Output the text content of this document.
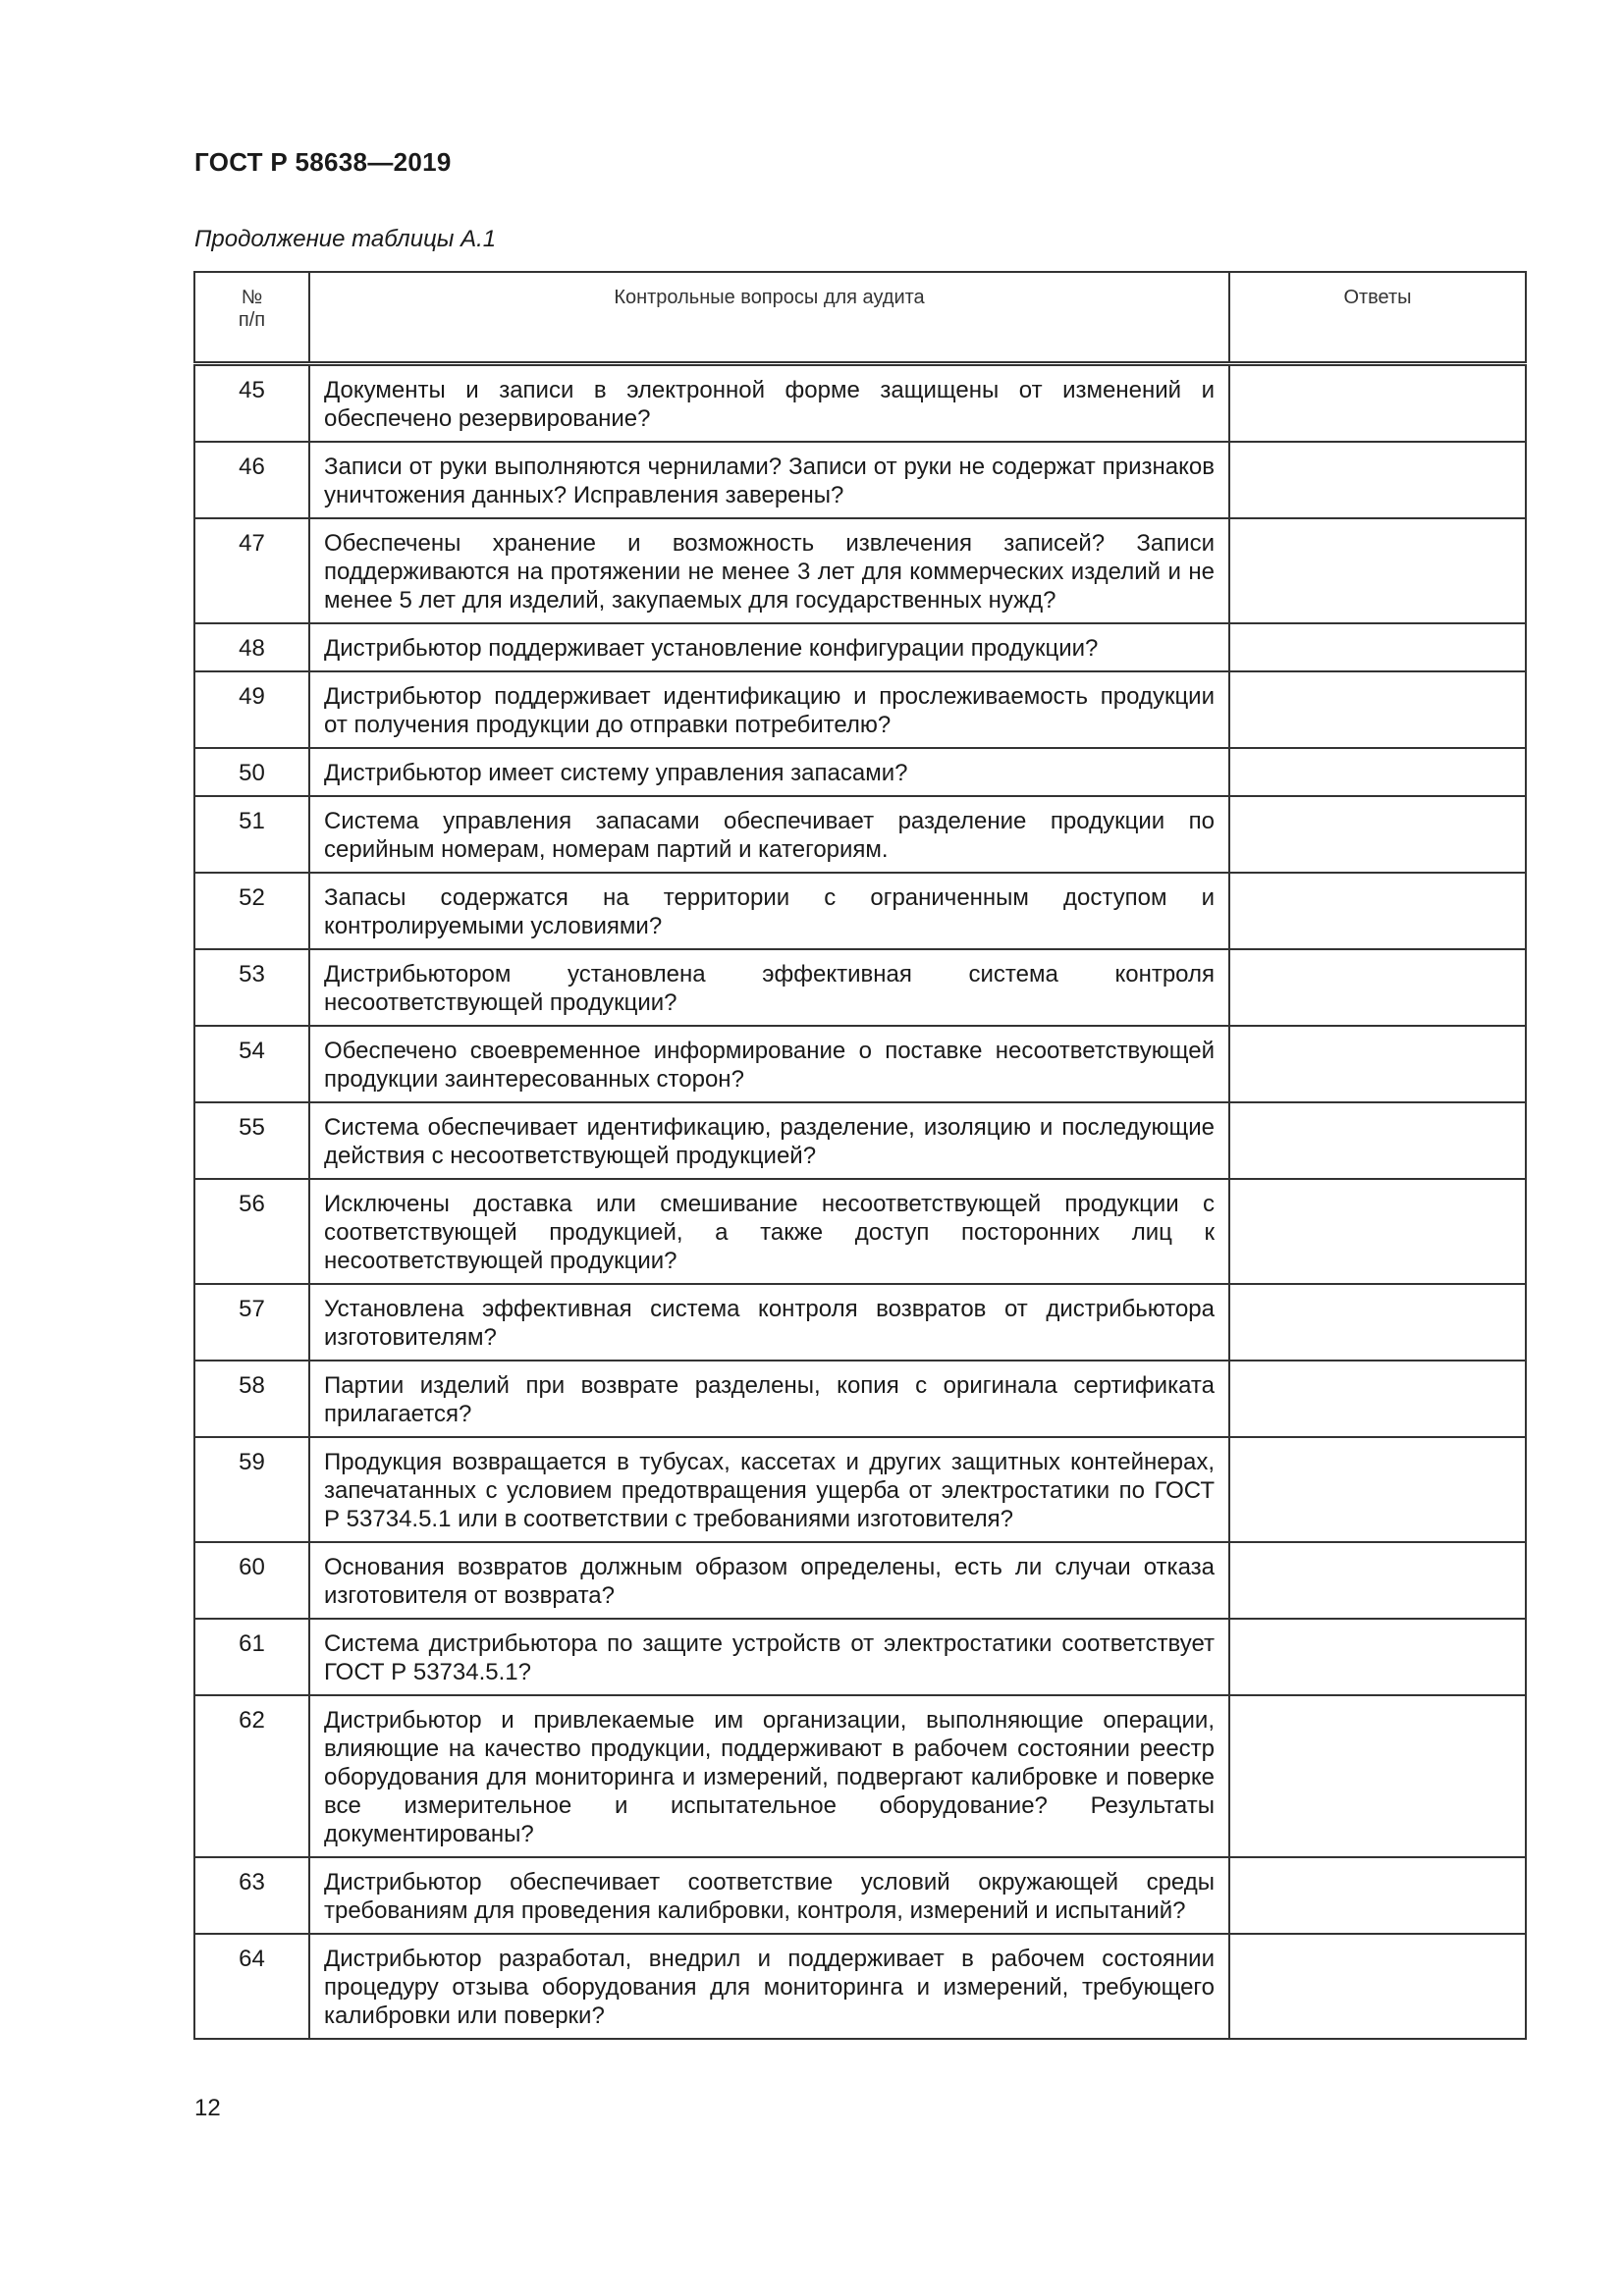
ГОСТ Р 58638—2019
Продолжение таблицы А.1
№
п/п	Контрольные вопросы для аудита	Ответы
45	Документы и записи в электронной форме защищены от изменений и обеспечено резервирование?	
46	Записи от руки выполняются чернилами? Записи от руки не содержат признаков уничтожения данных? Исправления заверены?	
47	Обеспечены хранение и возможность извлечения записей? Записи поддерживаются на протяжении не менее 3 лет для коммерческих изделий и не менее 5 лет для изделий, закупаемых для государственных нужд?	
48	Дистрибьютор поддерживает установление конфигурации продукции?	
49	Дистрибьютор поддерживает идентификацию и прослеживаемость продукции от получения продукции до отправки потребителю?	
50	Дистрибьютор имеет систему управления запасами?	
51	Система управления запасами обеспечивает разделение продукции по серийным номерам, номерам партий и категориям.	
52	Запасы содержатся на территории с ограниченным доступом и контролируемыми условиями?	
53	Дистрибьютором установлена эффективная система контроля несоответствующей продукции?	
54	Обеспечено своевременное информирование о поставке несоответствующей продукции заинтересованных сторон?	
55	Система обеспечивает идентификацию, разделение, изоляцию и последующие действия с несоответствующей продукцией?	
56	Исключены доставка или смешивание несоответствующей продукции с соответствующей продукцией, а также доступ посторонних лиц к несоответствующей продукции?	
57	Установлена эффективная система контроля возвратов от дистрибьютора изготовителям?	
58	Партии изделий при возврате разделены, копия с оригинала сертификата прилагается?	
59	Продукция возвращается в тубусах, кассетах и других защитных контейнерах, запечатанных с условием предотвращения ущерба от электростатики по ГОСТ Р 53734.5.1 или в соответствии с требованиями изготовителя?	
60	Основания возвратов должным образом определены, есть ли случаи отказа изготовителя от возврата?	
61	Система дистрибьютора по защите устройств от электростатики соответствует ГОСТ Р 53734.5.1?	
62	Дистрибьютор и привлекаемые им организации, выполняющие операции, влияющие на качество продукции, поддерживают в рабочем состоянии реестр оборудования для мониторинга и измерений, подвергают калибровке и поверке все измерительное и испытательное оборудование? Результаты документированы?	
63	Дистрибьютор обеспечивает соответствие условий окружающей среды требованиям для проведения калибровки, контроля, измерений и испытаний?	
64	Дистрибьютор разработал, внедрил и поддерживает в рабочем состоянии процедуру отзыва оборудования для мониторинга и измерений, требующего калибровки или поверки?	
12
